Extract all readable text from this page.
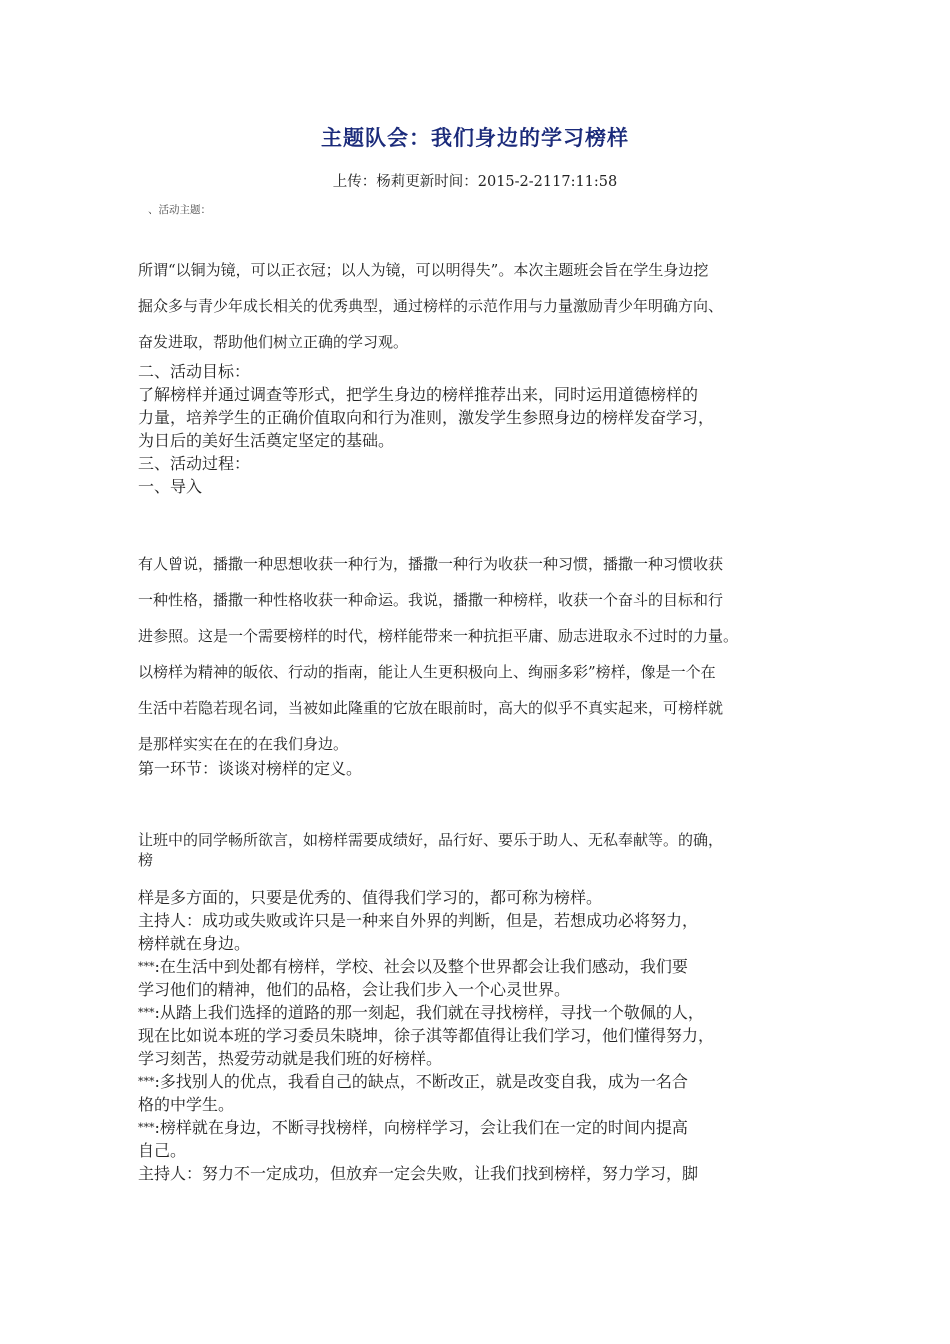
主题队会：我们身边的学习榜样
上传：杨莉更新时间：2015-2-2117:11:58
、活动主题：

所谓“以铜为镜，可以正衣冠；以人为镜，可以明得失”。本次主题班会旨在学生身边挖
掘众多与青少年成长相关的优秀典型，通过榜样的示范作用与力量激励青少年明确方向、
奋发进取，帮助他们树立正确的学习观。

二、活动目标：
了解榜样并通过调查等形式，把学生身边的榜样推荐出来，同时运用道德榜样的
力量，培养学生的正确价值取向和行为准则，激发学生参照身边的榜样发奋学习，
为日后的美好生活奠定坚定的基础。
三、活动过程：
一、导入

有人曾说，播撒一种思想收获一种行为，播撒一种行为收获一种习惯，播撒一种习惯收获
一种性格，播撒一种性格收获一种命运。我说，播撒一种榜样，收获一个奋斗的目标和行
进参照。这是一个需要榜样的时代，榜样能带来一种抗拒平庸、励志进取永不过时的力量。
以榜样为精神的皈依、行动的指南，能让人生更积极向上、绚丽多彩”榜样，像是一个在
生活中若隐若现名词，当被如此隆重的它放在眼前时，高大的似乎不真实起来，可榜样就
是那样实实在在的在我们身边。

第一环节：谈谈对榜样的定义。

让班中的同学畅所欲言，如榜样需要成绩好，品行好、要乐于助人、无私奉献等。的确，
榜

样是多方面的，只要是优秀的、值得我们学习的，都可称为榜样。
主持人：成功或失败或许只是一种来自外界的判断，但是，若想成功必将努力，
榜样就在身边。
***:在生活中到处都有榜样，学校、社会以及整个世界都会让我们感动，我们要
学习他们的精神，他们的品格，会让我们步入一个心灵世界。
***:从踏上我们选择的道路的那一刻起，我们就在寻找榜样，寻找一个敬佩的人，
现在比如说本班的学习委员朱晓坤，徐子淇等都值得让我们学习，他们懂得努力，
学习刻苦，热爱劳动就是我们班的好榜样。
***:多找别人的优点，我看自己的缺点，不断改正，就是改变自我，成为一名合
格的中学生。
***:榜样就在身边，不断寻找榜样，向榜样学习，会让我们在一定的时间内提高
自己。
主持人：努力不一定成功，但放弃一定会失败，让我们找到榜样，努力学习，脚
